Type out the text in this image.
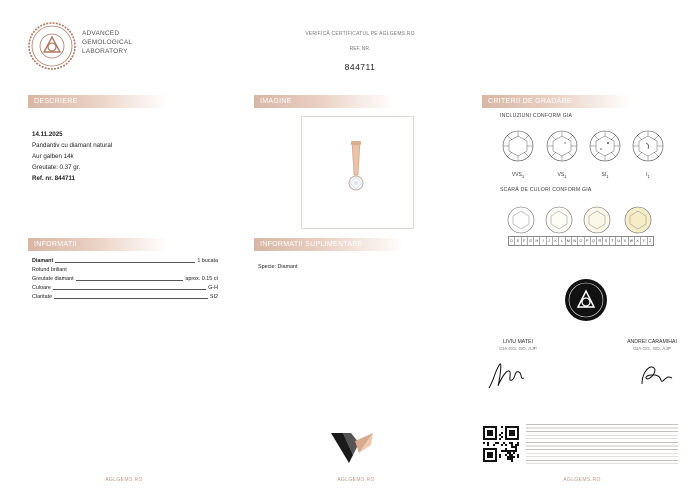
ADVANCED
GEMOLOGICAL
LABORATORY
VERIFICĂ CERTIFICATUL PE AGLGEMS.RO
REF. NR.
844711
DESCRIERE	IMAGINE	CRITERII DE GRADARE
INFORMATII	INFORMATII SUPLIMENTARE
14.11.2025
Pandantiv cu diamant natural
Aur galben 14k
Greutate: 0.37 gr.
Ref. nr. 844711
INCLUZIUNI CONFORM GIA
$VVS_1$	$VS_1$	$SI_1$	$I_1$
SCARĂ DE CULORI CONFORM GIA
D	E	F	G H	I	J	K	L	M N O	P	Q R	S	T	U	V W X	Y	Z
Diamant	1 bucata
Rotund briliant
Greutate diamant	aprox. 0.15 ct
Culoare	G-H
Claritate	SI2
Specie: Diamant
LIVIU MATEI
GIA GG, GD, AJP
ANDREI CARAMIHAI
GIA GG, GD, AJP
AGLGEMS.RO	AGLGEMS.RO	AGLGEMS.RO
